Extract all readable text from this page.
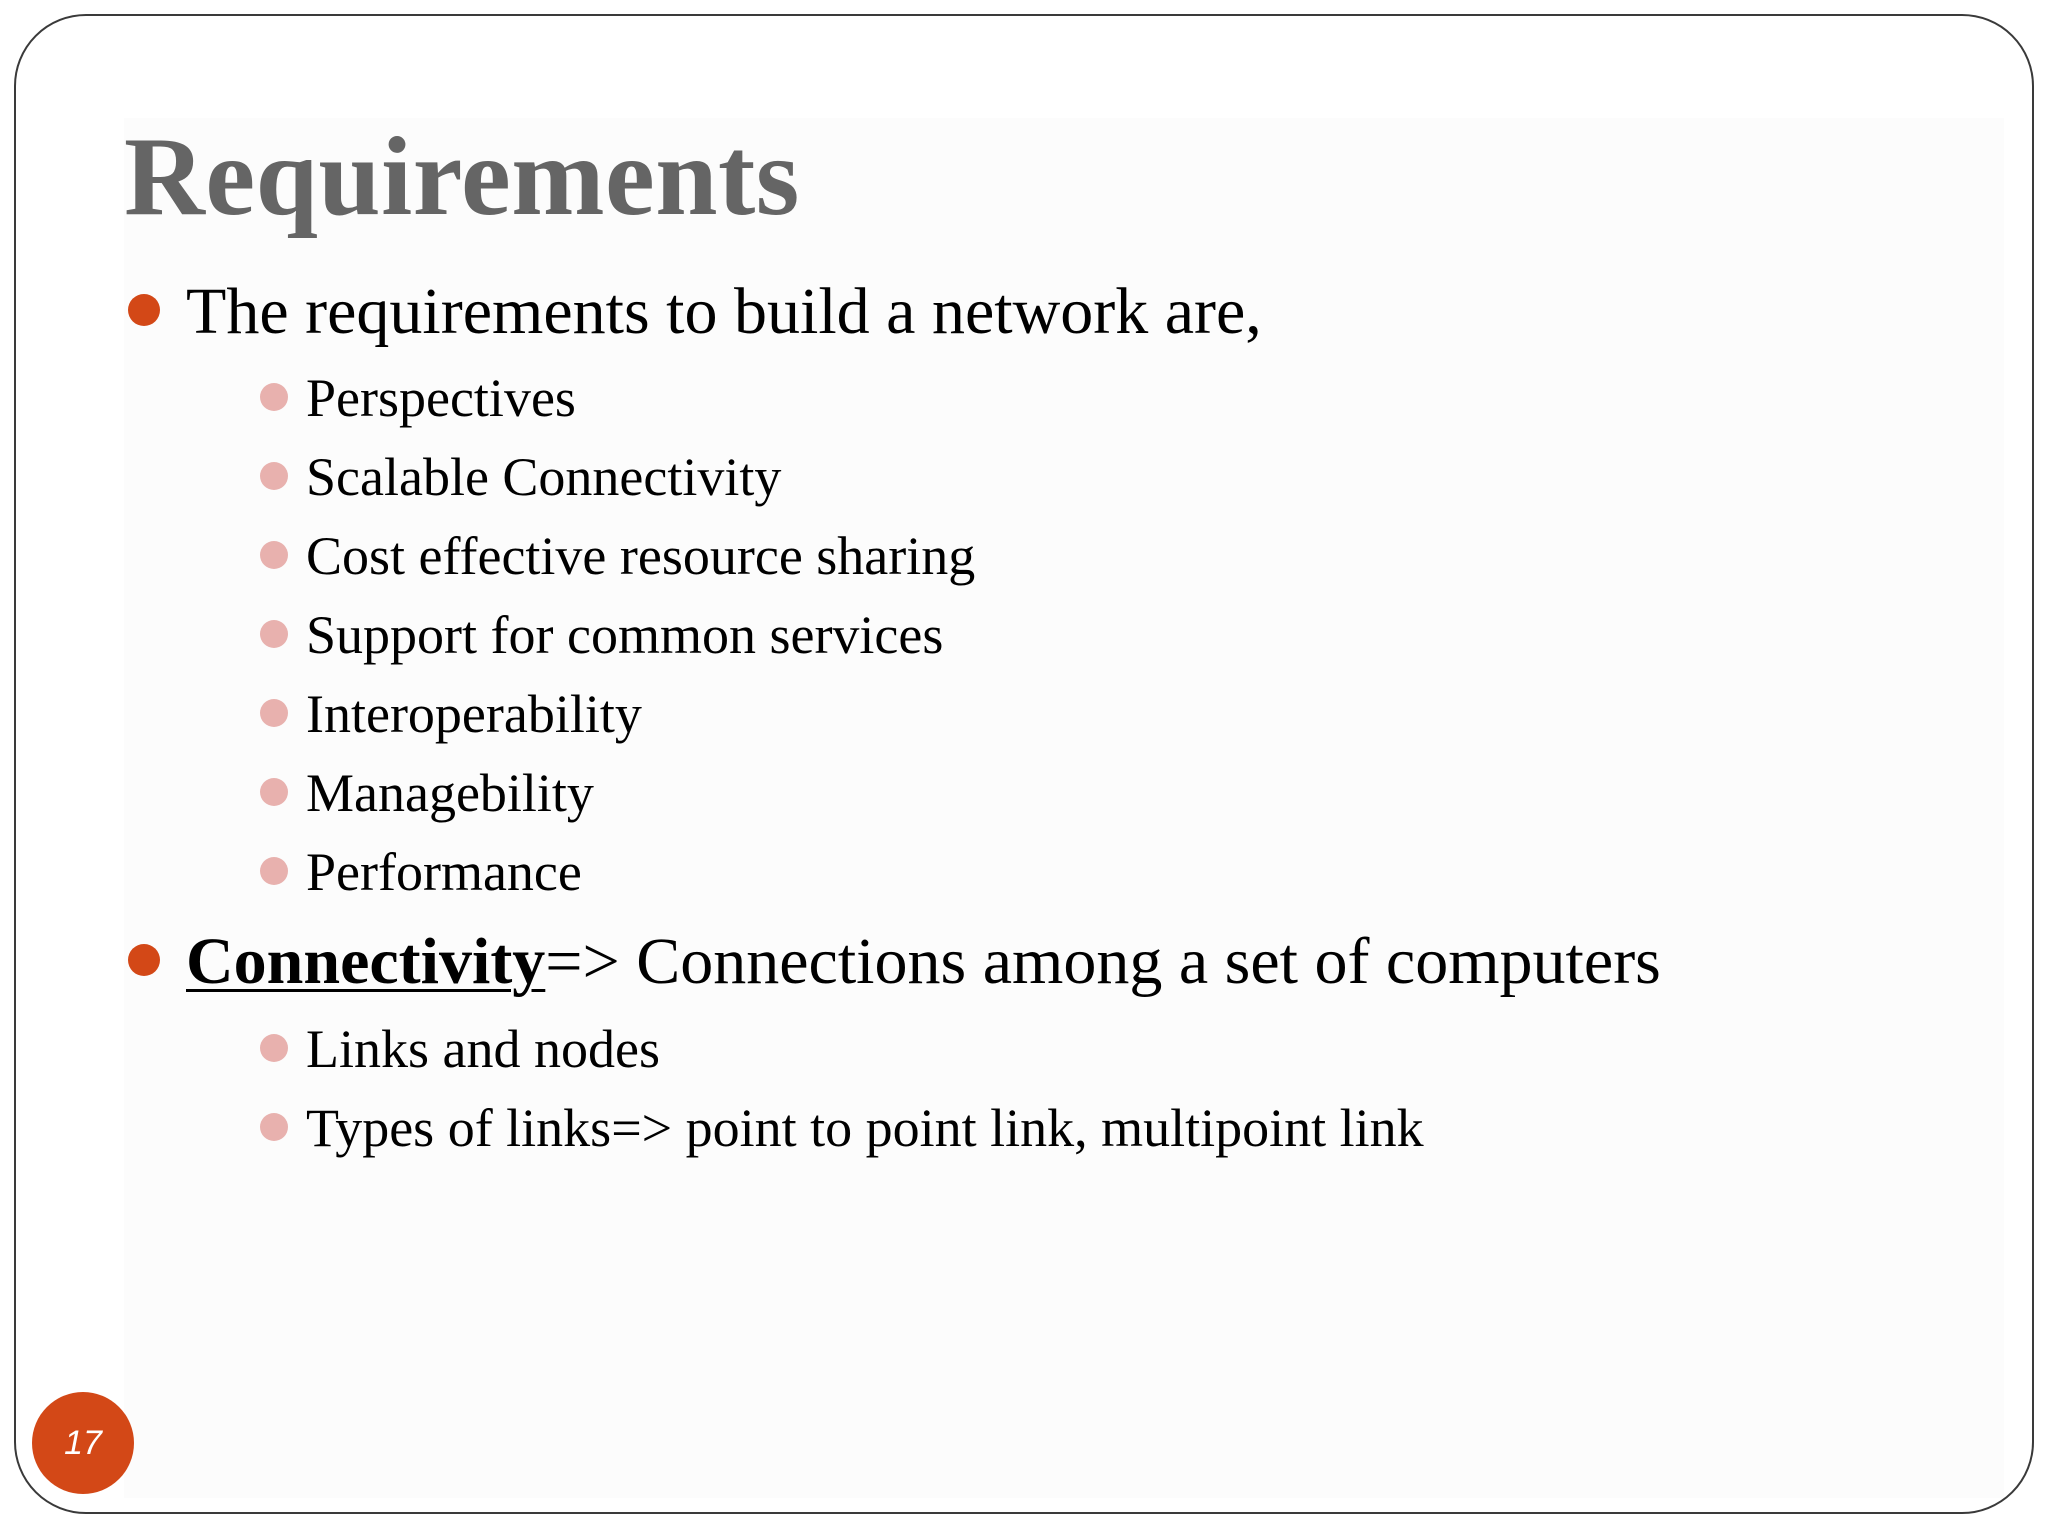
Requirements
The requirements to build a network are,
Perspectives
Scalable Connectivity
Cost effective resource sharing
Support for common services
Interoperability
Managebility
Performance
Connectivity=> Connections among a set of computers
Links and nodes
Types of links=> point to point link, multipoint link
17
